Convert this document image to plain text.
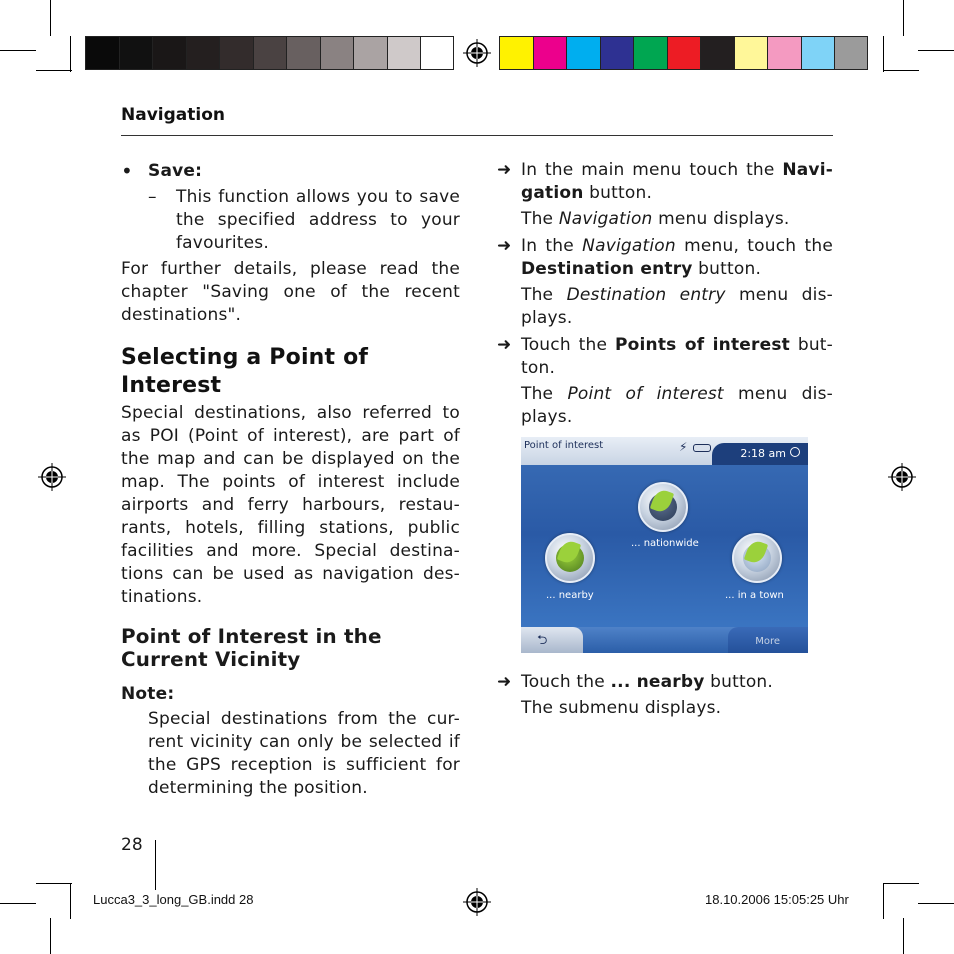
Navigation
• Save:
–	This function allows you to save the specified address to your favourites.

For further details, please read the chapter "Saving one of the recent destinations".

Selecting a Point of Interest

Special destinations, also referred to as POI (Point of interest), are part of the map and can be displayed on the map. The points of interest include airports and ferry harbours, restau-rants, hotels, filling stations, public facilities and more. Special destina-tions can be used as navigation des-tinations.

Point of Interest in the Current Vicinity
Note:

Special destinations from the cur-rent vicinity can only be selected if the GPS reception is sufficient for determining the position.

➜ In the main menu touch the Navi-gation button.
The Navigation menu displays.
➜ In the Navigation menu, touch the Destination entry button.
The Destination entry menu dis-plays.
➜ Touch the Points of interest but-ton.
The Point of interest menu dis-plays.
Point of interest	⚡	2:18 am
... nationwide
... nearby	... in a town
⮌	More
➜ Touch the ... nearby button.
The submenu displays.
28
Lucca3_3_long_GB.indd 28	18.10.2006 15:05:25 Uhr
